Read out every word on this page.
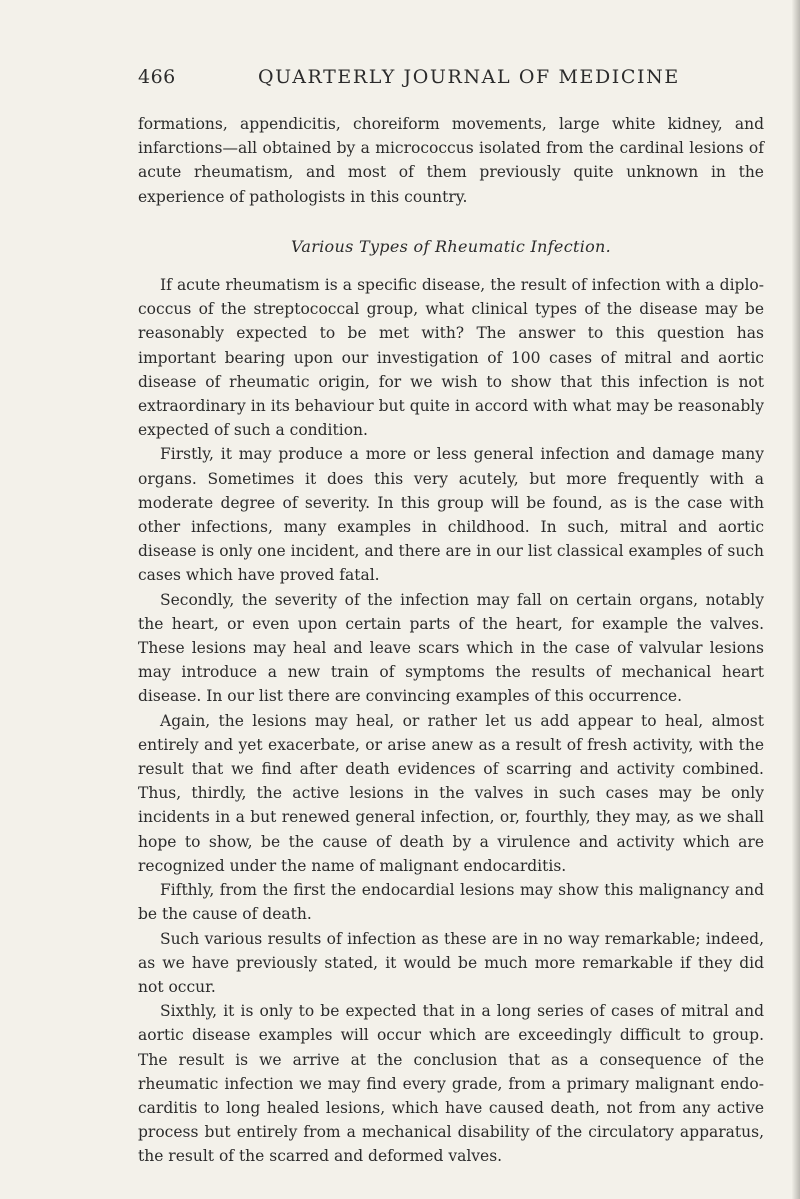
466	QUARTERLY JOURNAL OF MEDICINE

formations, appendicitis, choreiform movements, large white kidney, and infarctions—all obtained by a micrococcus isolated from the cardinal lesions of acute rheumatism, and most of them previously quite unknown in the experience of pathologists in this country.

Various Types of Rheumatic Infection.

If acute rheumatism is a specific disease, the result of infection with a diplococcus of the streptococcal group, what clinical types of the disease may be reasonably expected to be met with? The answer to this question has important bearing upon our investigation of 100 cases of mitral and aortic disease of rheumatic origin, for we wish to show that this infection is not extraordinary in its behaviour but quite in accord with what may be reasonably expected of such a condition.

Firstly, it may produce a more or less general infection and damage many organs. Sometimes it does this very acutely, but more frequently with a moderate degree of severity. In this group will be found, as is the case with other infections, many examples in childhood. In such, mitral and aortic disease is only one incident, and there are in our list classical examples of such cases which have proved fatal.

Secondly, the severity of the infection may fall on certain organs, notably the heart, or even upon certain parts of the heart, for example the valves. These lesions may heal and leave scars which in the case of valvular lesions may introduce a new train of symptoms the results of mechanical heart disease. In our list there are convincing examples of this occurrence.

Again, the lesions may heal, or rather let us add appear to heal, almost entirely and yet exacerbate, or arise anew as a result of fresh activity, with the result that we find after death evidences of scarring and activity combined. Thus, thirdly, the active lesions in the valves in such cases may be only incidents in a but renewed general infection, or, fourthly, they may, as we shall hope to show, be the cause of death by a virulence and activity which are recognized under the name of malignant endocarditis.

Fifthly, from the first the endocardial lesions may show this malignancy and be the cause of death.

Such various results of infection as these are in no way remarkable; indeed, as we have previously stated, it would be much more remarkable if they did not occur.

Sixthly, it is only to be expected that in a long series of cases of mitral and aortic disease examples will occur which are exceedingly difficult to group. The result is we arrive at the conclusion that as a consequence of the rheumatic infection we may find every grade, from a primary malignant endocarditis to long healed lesions, which have caused death, not from any active process but entirely from a mechanical disability of the circulatory apparatus, the result of the scarred and deformed valves.
